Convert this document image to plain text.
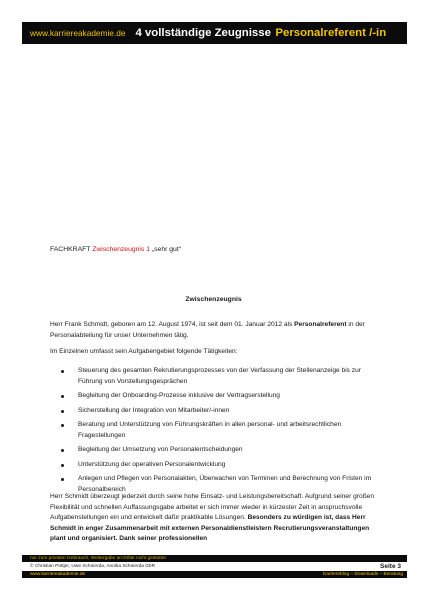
www.karriereakademie.de 4 vollständige Zeugnisse
Personalreferent /-in
FACHKRAFT Zwischenzeugnis 1 „sehr gut“
Zwischenzeugnis

Herr Frank Schmidt, geboren am 12. August 1974, ist seit dem 01. Januar 2012 als Personalreferent in der Personalabteilung für unser Unternehmen tätig.

Im Einzelnen umfasst sein Aufgabengebiet folgende Tätigkeiten:

Steuerung des gesamten Rekrutierungsprozesses von der Verfassung der Stellenanzeige bis zur Führung von Vorstellungsgesprächen
Begleitung der Onboarding-Prozesse inklusive der Vertragserstellung
Sicherstellung der Integration von Mitarbeiter/-innen
Beratung und Unterstützung von Führungskräften in allen personal- und arbeitsrechtlichen Fragestellungen
Begleitung der Umsetzung von Personalentscheidungen
Unterstützung der operativen Personalentwicklung
Anlegen und Pflegen von Personalakten, Überwachen von Terminen und Berechnung von Fristen im Personalbereich

Herr Schmidt überzeugt jederzeit durch seine hohe Einsatz- und Leistungsbereitschaft. Aufgrund seiner großen Flexibilität und schnellen Auffassungsgabe arbeitet er sich immer wieder in kürzester Zeit in anspruchsvolle Aufgabenstellungen ein und entwickelt dafür praktikable Lösungen. Besonders zu würdigen ist, dass Herr Schmidt in enger Zusammenarbeit mit externen Personaldienstleistern Recrutierungsveranstaltungen plant und organisiert. Dank seiner professionellen

nur zum privaten Gebrauch, Weitergabe an Dritte nicht gestattet
© Christian Püttjer, Uwe Schnierda, Annika Schnierda GbR	Seite 3
www.karriereakademie.de	Karriereblog – Downloads – Beratung
